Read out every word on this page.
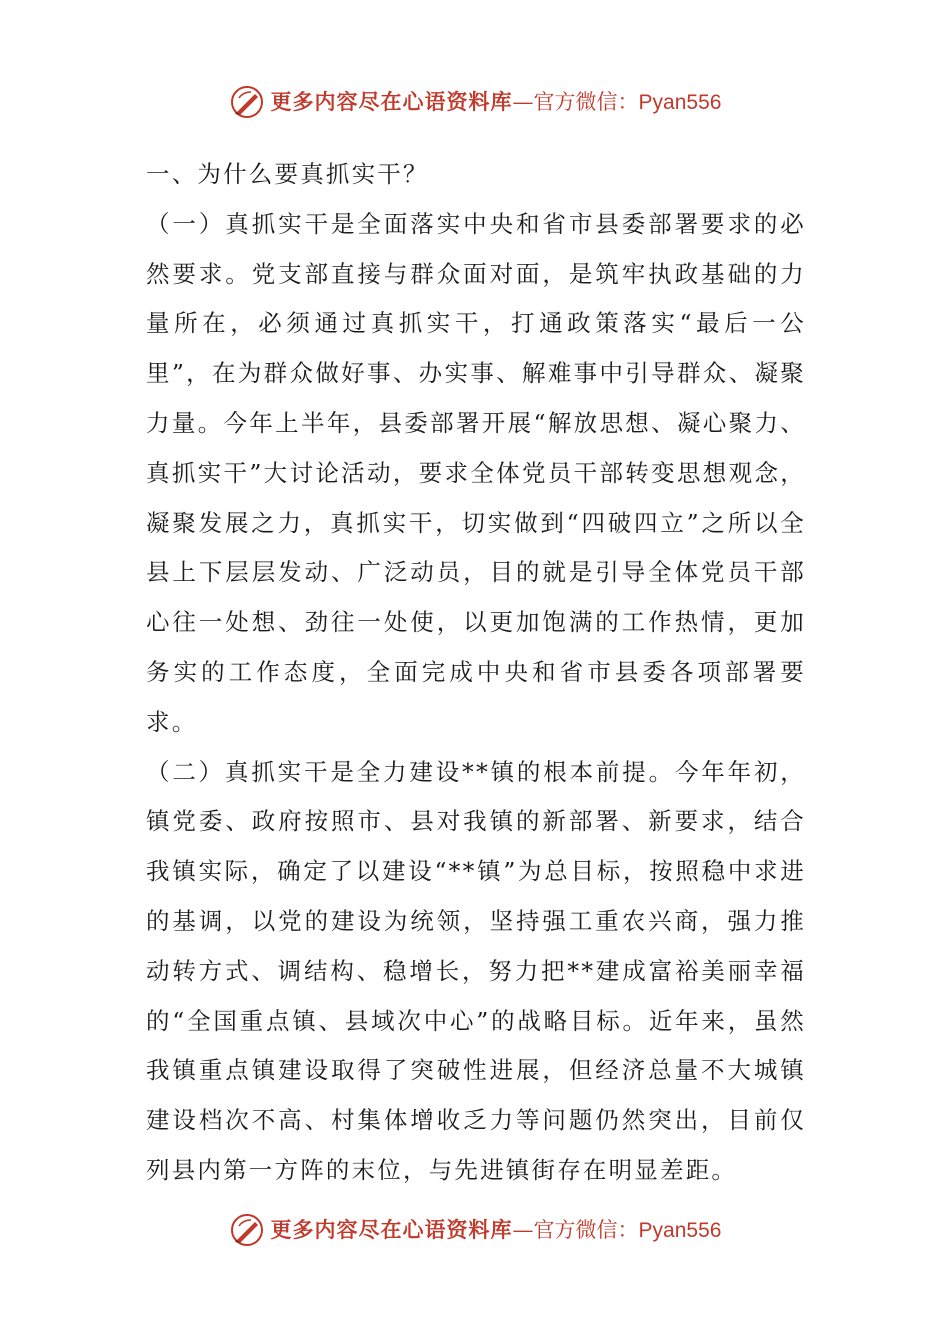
更多内容尽在心语资料库—官方微信：Pyan556

一、为什么要真抓实干？

（一）真抓实干是全面落实中央和省市县委部署要求的必然要求。党支部直接与群众面对面，是筑牢执政基础的力量所在，必须通过真抓实干，打通政策落实“最后一公里”，在为群众做好事、办实事、解难事中引导群众、凝聚力量。今年上半年，县委部署开展“解放思想、凝心聚力、真抓实干”大讨论活动，要求全体党员干部转变思想观念，凝聚发展之力，真抓实干，切实做到“四破四立”之所以全县上下层层发动、广泛动员，目的就是引导全体党员干部心往一处想、劲往一处使，以更加饱满的工作热情，更加务实的工作态度，全面完成中央和省市县委各项部署要求。

（二）真抓实干是全力建设**镇的根本前提。今年年初，镇党委、政府按照市、县对我镇的新部署、新要求，结合我镇实际，确定了以建设“**镇”为总目标，按照稳中求进的基调，以党的建设为统领，坚持强工重农兴商，强力推动转方式、调结构、稳增长，努力把**建成富裕美丽幸福的“全国重点镇、县域次中心”的战略目标。近年来，虽然我镇重点镇建设取得了突破性进展，但经济总量不大城镇建设档次不高、村集体增收乏力等问题仍然突出，目前仅列县内第一方阵的末位，与先进镇街存在明显差距。

更多内容尽在心语资料库—官方微信：Pyan556
